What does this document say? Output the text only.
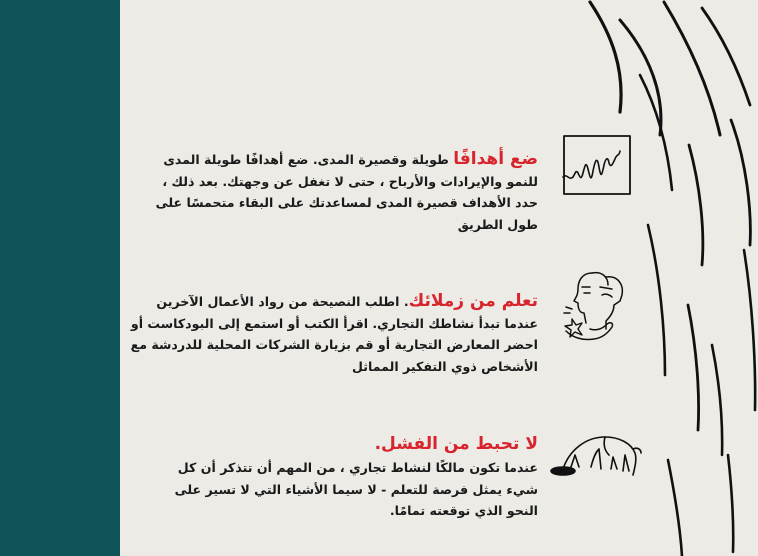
ضع أهدافًا طويلة وقصيرة المدى. ضع أهدافًا طويلة المدى للنمو والإيرادات والأرباح ، حتى لا تغفل عن وجهتك. بعد ذلك ، حدد الأهداف قصيرة المدى لمساعدتك على البقاء متحمسًا على طول الطريق
تعلم من زملائك. اطلب النصيحة من رواد الأعمال الآخرين عندما تبدأ نشاطك التجاري. اقرأ الكتب أو استمع إلى البودكاست أو احضر المعارض التجارية أو قم بزيارة الشركات المحلية للدردشة مع الأشخاص ذوي التفكير المماثل
لا تحبط من الفشل.
عندما تكون مالكًا لنشاط تجاري ، من المهم أن تتذكر أن كل شيء يمثل فرصة للتعلم - لا سيما الأشياء التي لا تسير على النحو الذي توقعته تمامًا.
